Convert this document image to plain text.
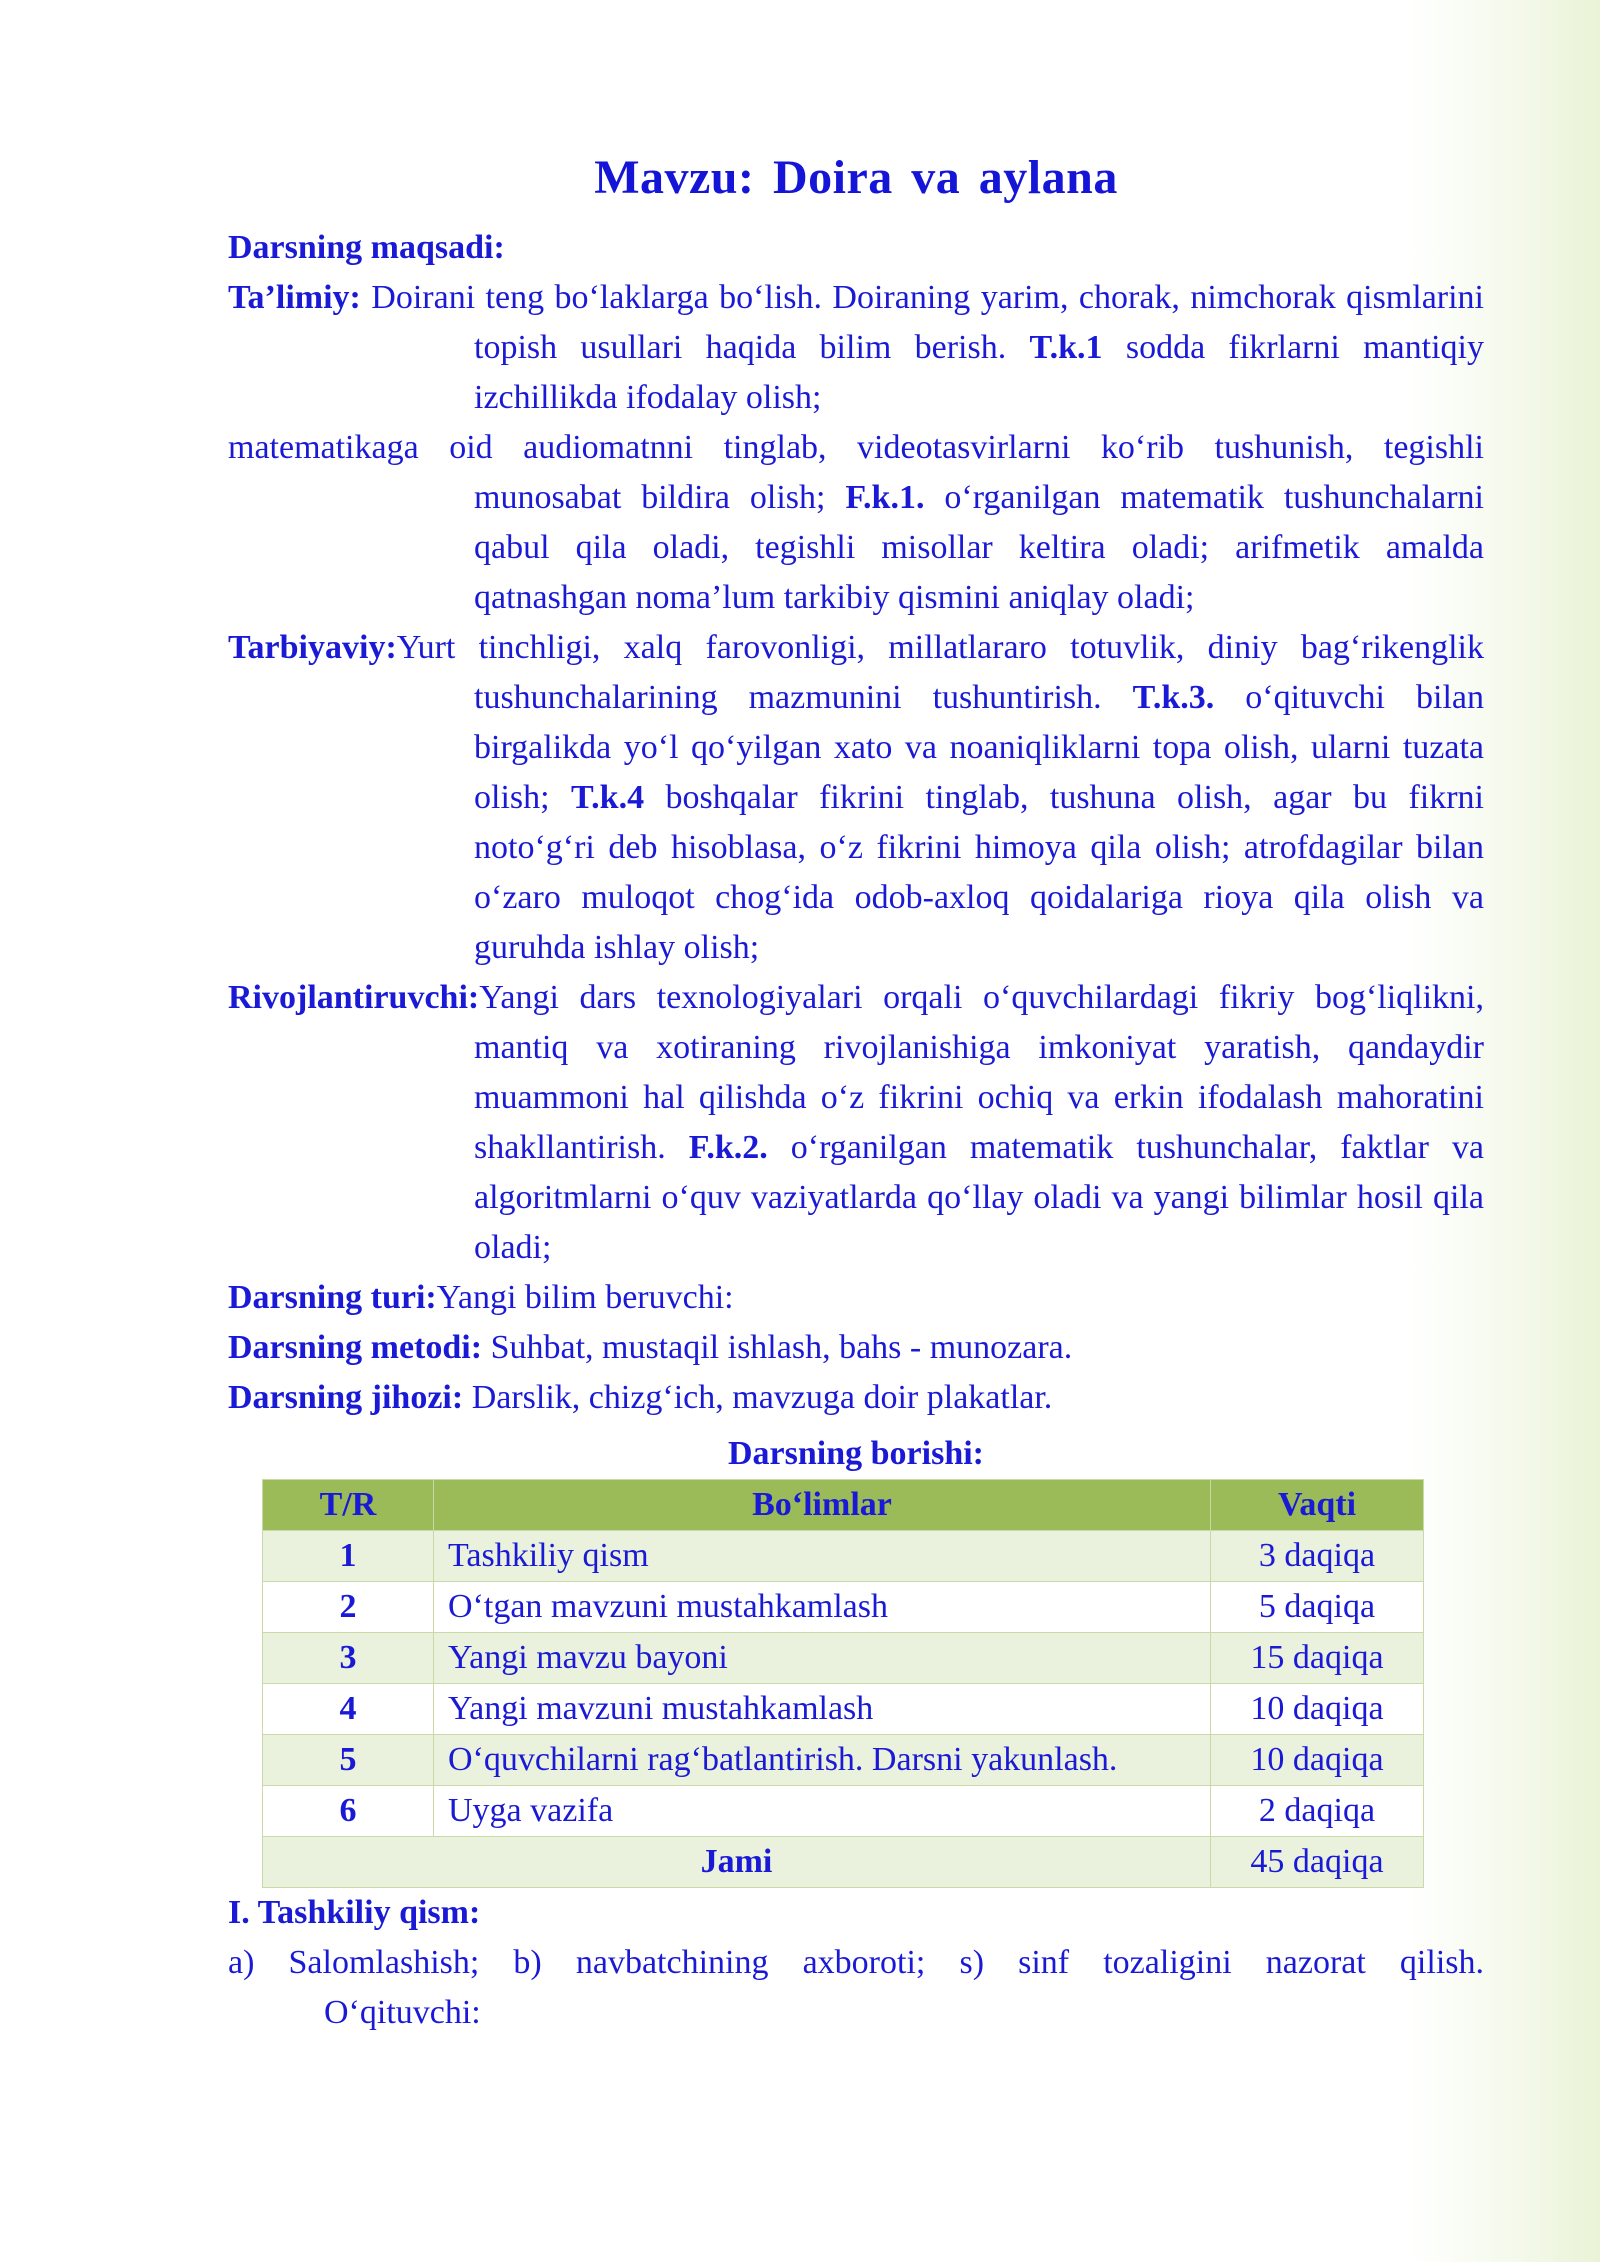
Mavzu: Doira va aylana
Darsning maqsadi:
Ta’limiy: Doirani teng bo‘laklarga bo‘lish. Doiraning yarim, chorak, nimchorak qismlarini topish usullari haqida bilim berish. T.k.1 sodda fikrlarni mantiqiy izchillikda ifodalay olish;
matematikaga oid audiomatnni tinglab, videotasvirlarni ko‘rib tushunish, tegishli munosabat bildira olish; F.k.1. o‘rganilgan matematik tushunchalarni qabul qila oladi, tegishli misollar keltira oladi; arifmetik amalda qatnashgan noma’lum tarkibiy qismini aniqlay oladi;
Tarbiyaviy:Yurt tinchligi, xalq farovonligi, millatlararo totuvlik, diniy bag‘rikenglik tushunchalarining mazmunini tushuntirish. T.k.3. o‘qituvchi bilan birgalikda yo‘l qo‘yilgan xato va noaniqliklarni topa olish, ularni tuzata olish; T.k.4 boshqalar fikrini tinglab, tushuna olish, agar bu fikrni noto‘g‘ri deb hisoblasa, o‘z fikrini himoya qila olish; atrofdagilar bilan o‘zaro muloqot chog‘ida odob-axloq qoidalariga rioya qila olish va guruhda ishlay olish;
Rivojlantiruvchi:Yangi dars texnologiyalari orqali o‘quvchilardagi fikriy bog‘liqlikni, mantiq va xotiraning rivojlanishiga imkoniyat yaratish, qandaydir muammoni hal qilishda o‘z fikrini ochiq va erkin ifodalash mahoratini shakllantirish. F.k.2. o‘rganilgan matematik tushunchalar, faktlar va algoritmlarni o‘quv vaziyatlarda qo‘llay oladi va yangi bilimlar hosil qila oladi;
Darsning turi:Yangi bilim beruvchi:
Darsning metodi: Suhbat, mustaqil ishlash, bahs - munozara.
Darsning jihozi: Darslik, chizg‘ich, mavzuga doir plakatlar.
Darsning borishi:
T/R	Bo‘limlar	Vaqti
1	Tashkiliy qism	3 daqiqa
2	O‘tgan mavzuni mustahkamlash	5 daqiqa
3	Yangi mavzu bayoni	15 daqiqa
4	Yangi mavzuni mustahkamlash	10 daqiqa
5	O‘quvchilarni rag‘batlantirish. Darsni yakunlash.	10 daqiqa
6	Uyga vazifa	2 daqiqa
Jami		45 daqiqa
I. Tashkiliy qism:
a) Salomlashish; b) navbatchining axboroti; s) sinf tozaligini nazorat qilish.
O‘qituvchi:
